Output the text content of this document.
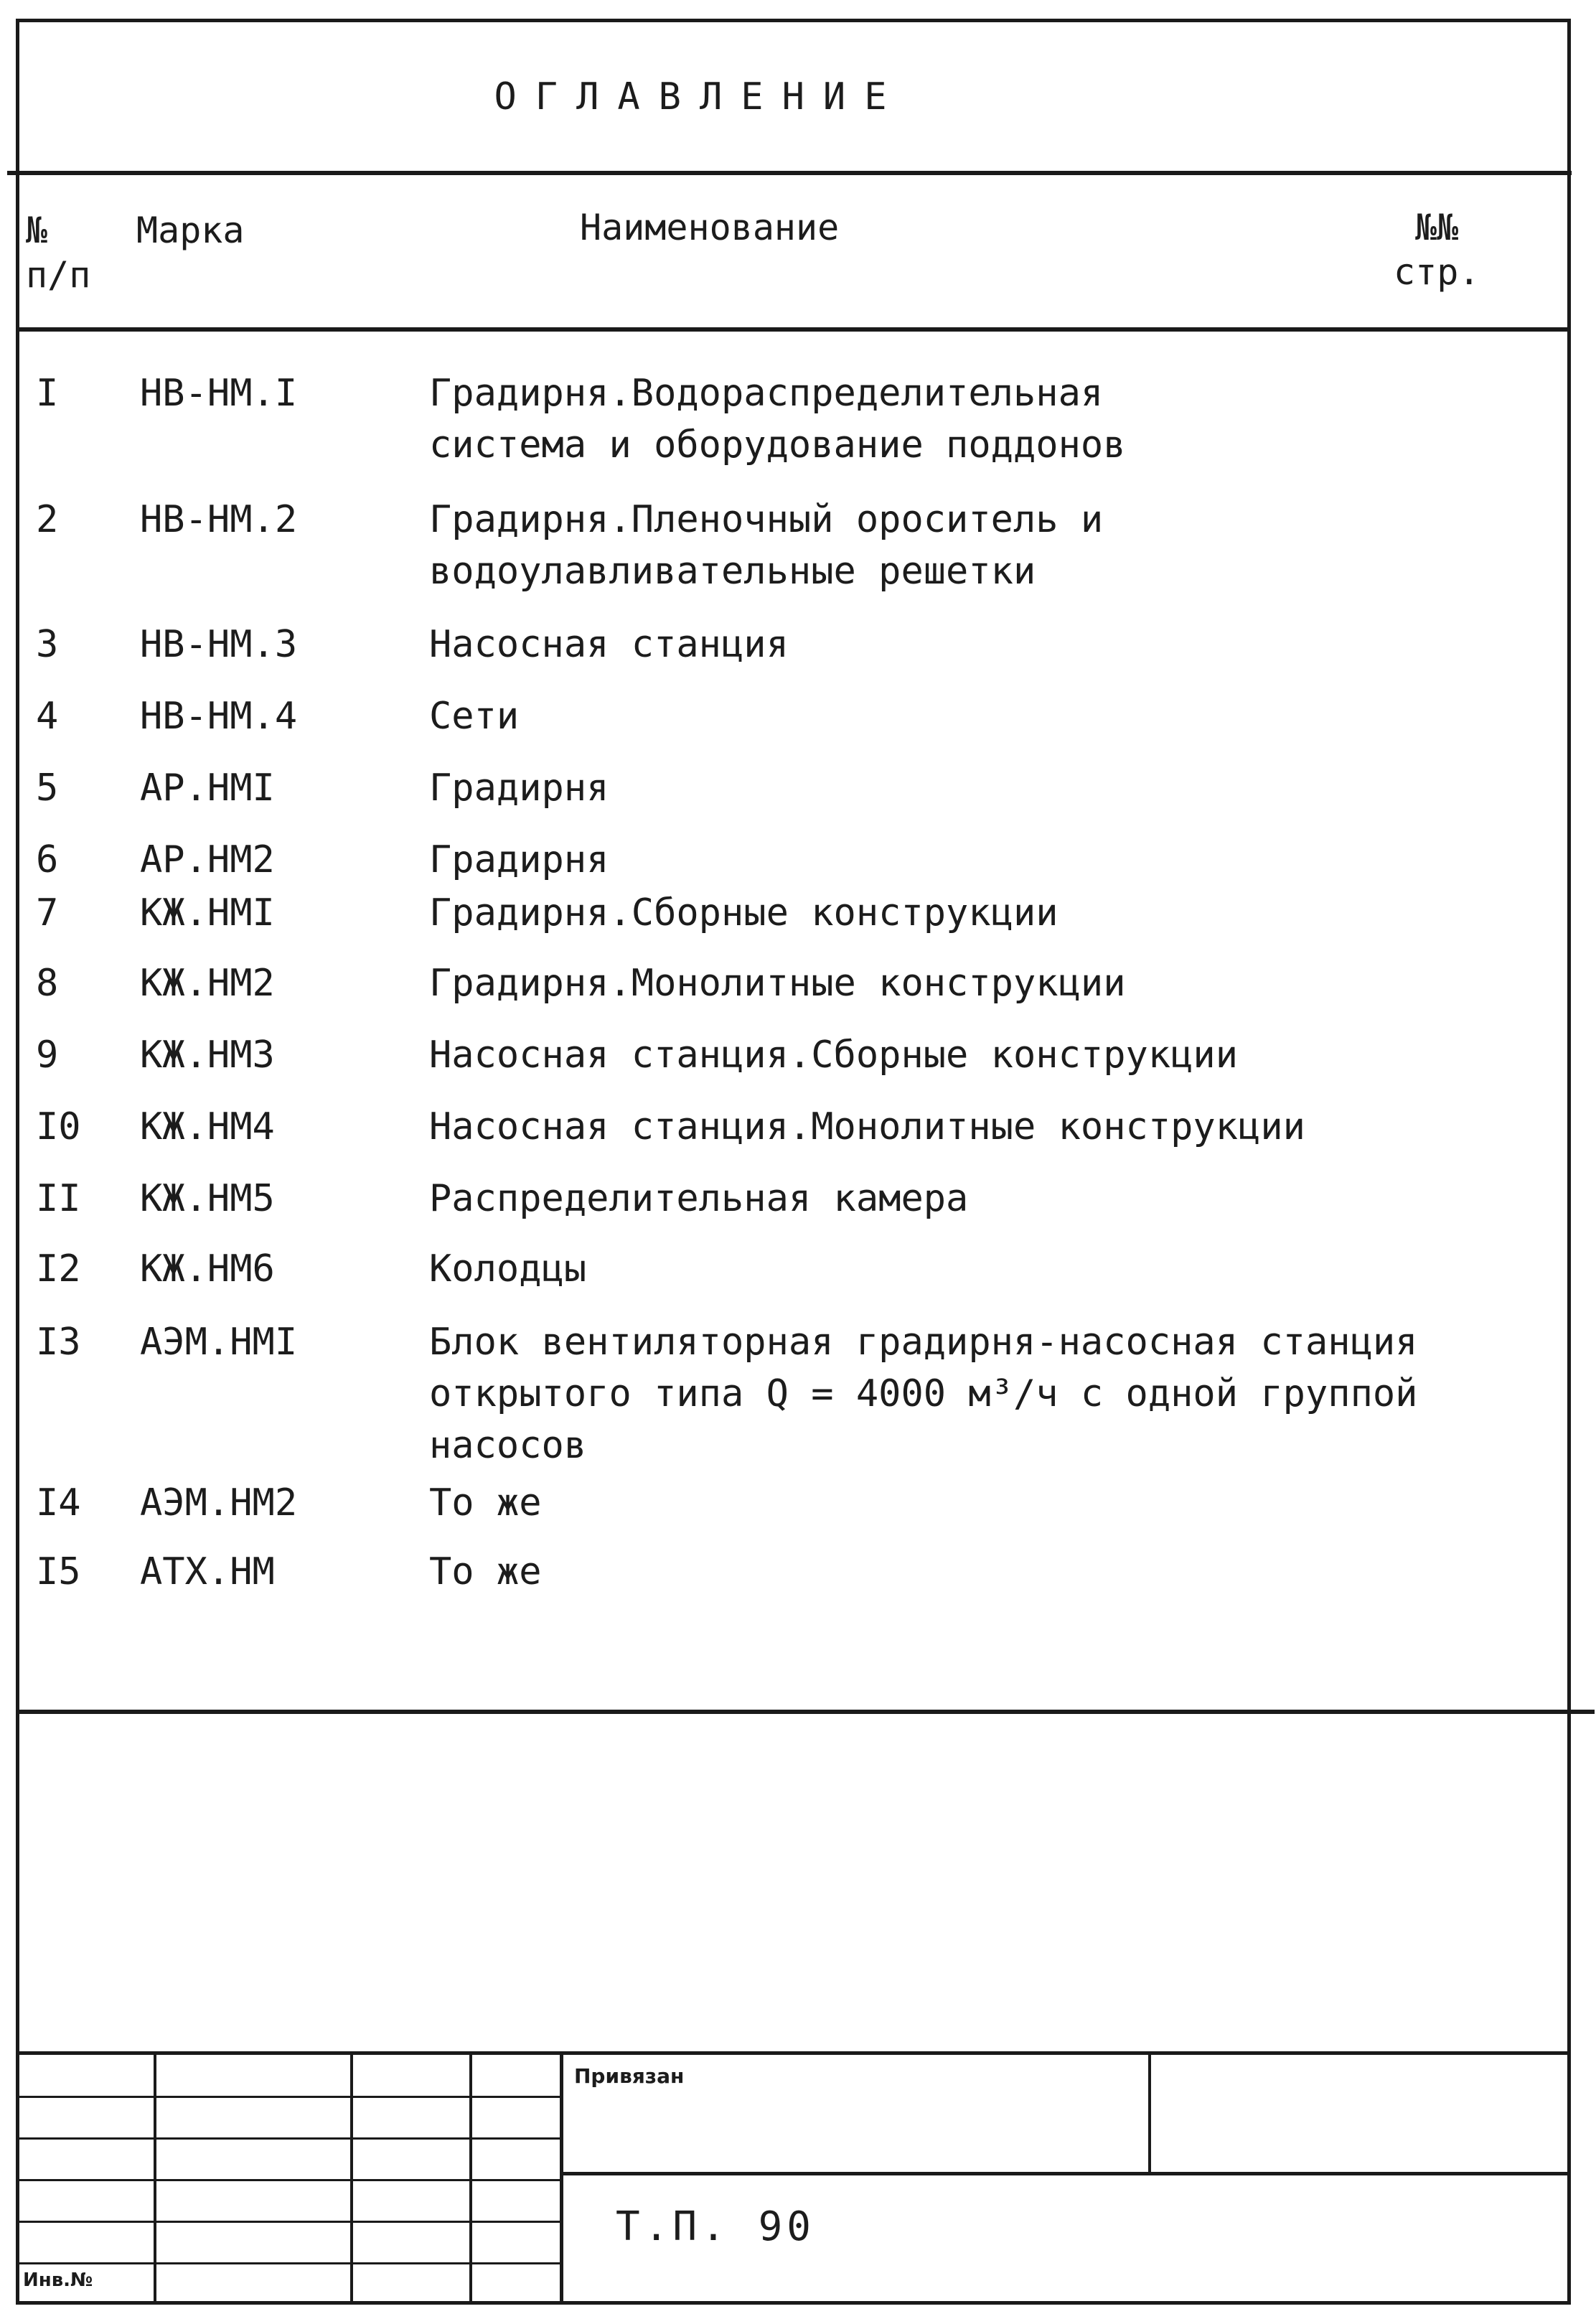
ОГЛАВЛЕНИЕ
№
п/п
Марка	Наименование	№№
стр.
I	НВ-НМ.I	Градирня.Водораспределительная система и оборудование поддонов
2	НВ-НМ.2	Градирня.Пленочный ороситель и водоулавливательные решетки
3	НВ-НМ.3	Насосная станция
4	НВ-НМ.4	Сети
5	АР.НМI	Градирня
6	АР.НМ2	Градирня
7	КЖ.НМI	Градирня.Сборные конструкции
8	КЖ.НМ2	Градирня.Монолитные конструкции
9	КЖ.НМ3	Насосная станция.Сборные конструкции
I0	КЖ.НМ4	Насосная станция.Монолитные конструкции
II	КЖ.НМ5	Распределительная камера
I2	КЖ.НМ6	Колодцы
I3	АЭМ.НМI	Блок вентиляторная градирня-насосная станция открытого типа Q = 4000 м³/ч с одной группой насосов
I4	АЭМ.НМ2	То же
I5	АТХ.НМ	То же
Привязан
Т.П. 90
Инв.№
